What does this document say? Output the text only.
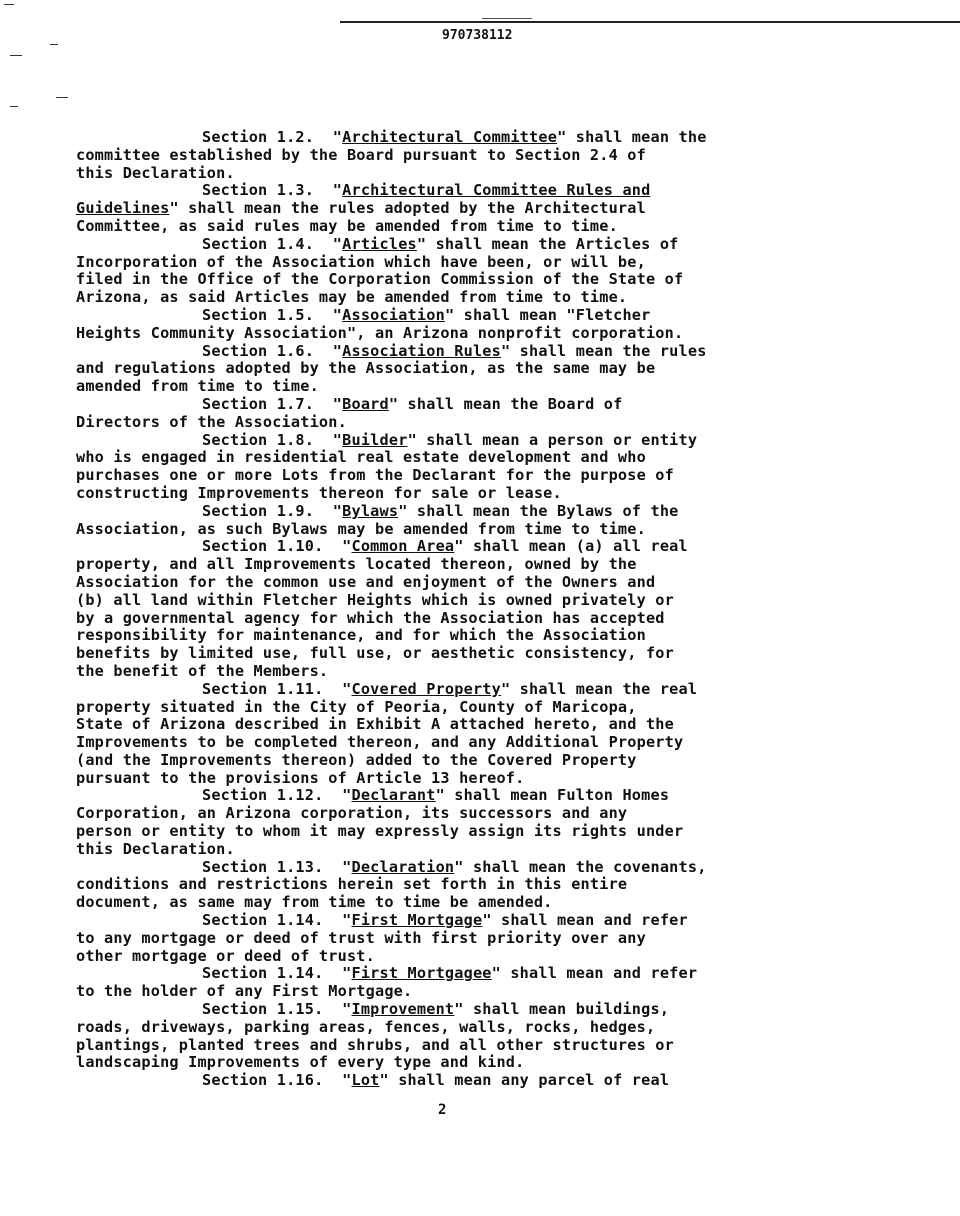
970738112
Section 1.2.  "Architectural Committee" shall mean the
committee established by the Board pursuant to Section 2.4 of
this Declaration.
Section 1.3.  "Architectural Committee Rules and
Guidelines" shall mean the rules adopted by the Architectural
Committee, as said rules may be amended from time to time.
Section 1.4.  "Articles" shall mean the Articles of
Incorporation of the Association which have been, or will be,
filed in the Office of the Corporation Commission of the State of
Arizona, as said Articles may be amended from time to time.
Section 1.5.  "Association" shall mean "Fletcher
Heights Community Association", an Arizona nonprofit corporation.
Section 1.6.  "Association Rules" shall mean the rules
and regulations adopted by the Association, as the same may be
amended from time to time.
Section 1.7.  "Board" shall mean the Board of
Directors of the Association.
Section 1.8.  "Builder" shall mean a person or entity
who is engaged in residential real estate development and who
purchases one or more Lots from the Declarant for the purpose of
constructing Improvements thereon for sale or lease.
Section 1.9.  "Bylaws" shall mean the Bylaws of the
Association, as such Bylaws may be amended from time to time.
Section 1.10.  "Common Area" shall mean (a) all real
property, and all Improvements located thereon, owned by the
Association for the common use and enjoyment of the Owners and
(b) all land within Fletcher Heights which is owned privately or
by a governmental agency for which the Association has accepted
responsibility for maintenance, and for which the Association
benefits by limited use, full use, or aesthetic consistency, for
the benefit of the Members.
Section 1.11.  "Covered Property" shall mean the real
property situated in the City of Peoria, County of Maricopa,
State of Arizona described in Exhibit A attached hereto, and the
Improvements to be completed thereon, and any Additional Property
(and the Improvements thereon) added to the Covered Property
pursuant to the provisions of Article 13 hereof.
Section 1.12.  "Declarant" shall mean Fulton Homes
Corporation, an Arizona corporation, its successors and any
person or entity to whom it may expressly assign its rights under
this Declaration.
Section 1.13.  "Declaration" shall mean the covenants,
conditions and restrictions herein set forth in this entire
document, as same may from time to time be amended.
Section 1.14.  "First Mortgage" shall mean and refer
to any mortgage or deed of trust with first priority over any
other mortgage or deed of trust.
Section 1.14.  "First Mortgagee" shall mean and refer
to the holder of any First Mortgage.
Section 1.15.  "Improvement" shall mean buildings,
roads, driveways, parking areas, fences, walls, rocks, hedges,
plantings, planted trees and shrubs, and all other structures or
landscaping Improvements of every type and kind.
Section 1.16.  "Lot" shall mean any parcel of real
2
